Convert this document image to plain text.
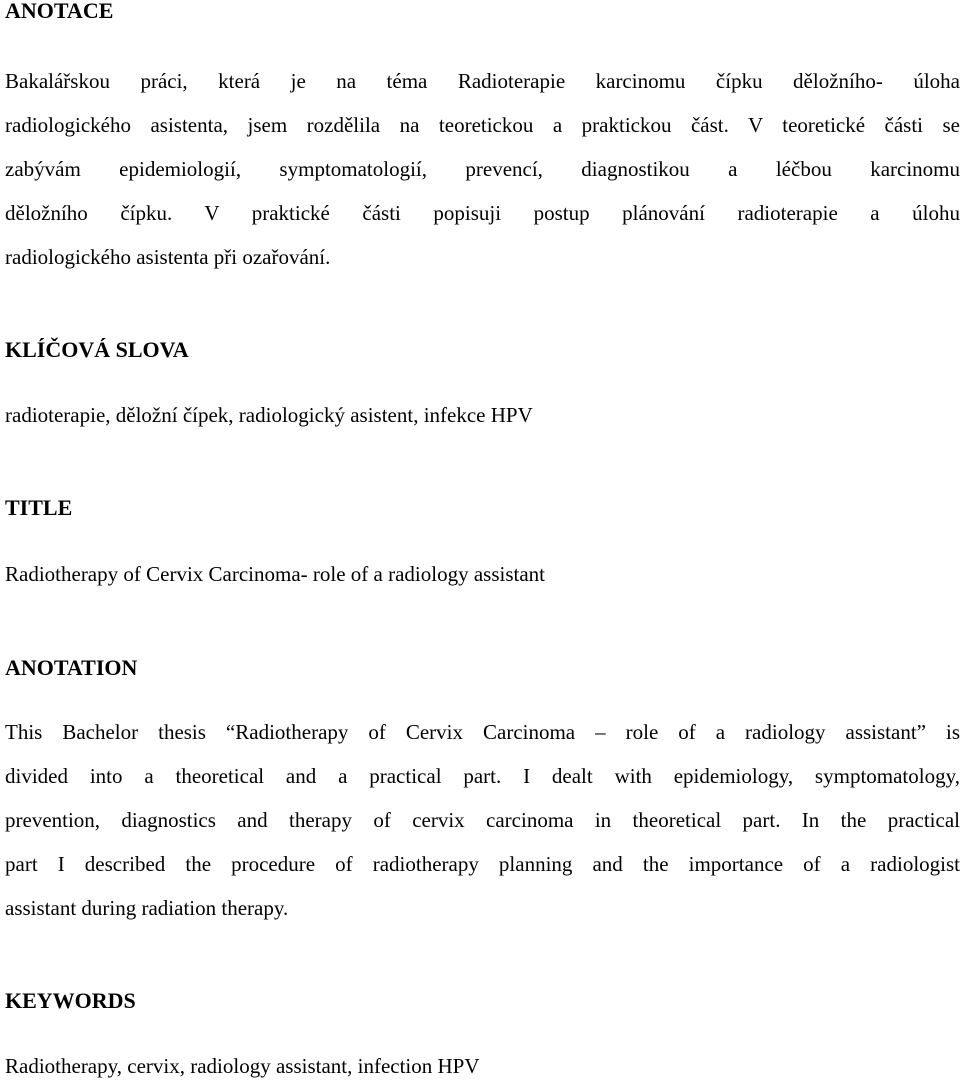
ANOTACE
Bakalářskou práci, která je na téma Radioterapie karcinomu čípku děložního- úloha
radiologického asistenta, jsem rozdělila na teoretickou a praktickou část. V teoretické části se
zabývám epidemiologií, symptomatologií, prevencí, diagnostikou a léčbou karcinomu
děložního čípku. V praktické části popisuji postup plánování radioterapie a úlohu
radiologického asistenta při ozařování.
KLÍČOVÁ SLOVA

radioterapie, děložní čípek, radiologický asistent, infekce HPV

TITLE

Radiotherapy of Cervix Carcinoma- role of a radiology assistant

ANOTATION
This Bachelor thesis “Radiotherapy of Cervix Carcinoma – role of a radiology assistant” is
divided into a theoretical and a practical part. I dealt with epidemiology, symptomatology,
prevention, diagnostics and therapy of cervix carcinoma in theoretical part. In the practical
part I described the procedure of radiotherapy planning and the importance of a radiologist
assistant during radiation therapy.
KEYWORDS

Radiotherapy, cervix, radiology assistant, infection HPV
